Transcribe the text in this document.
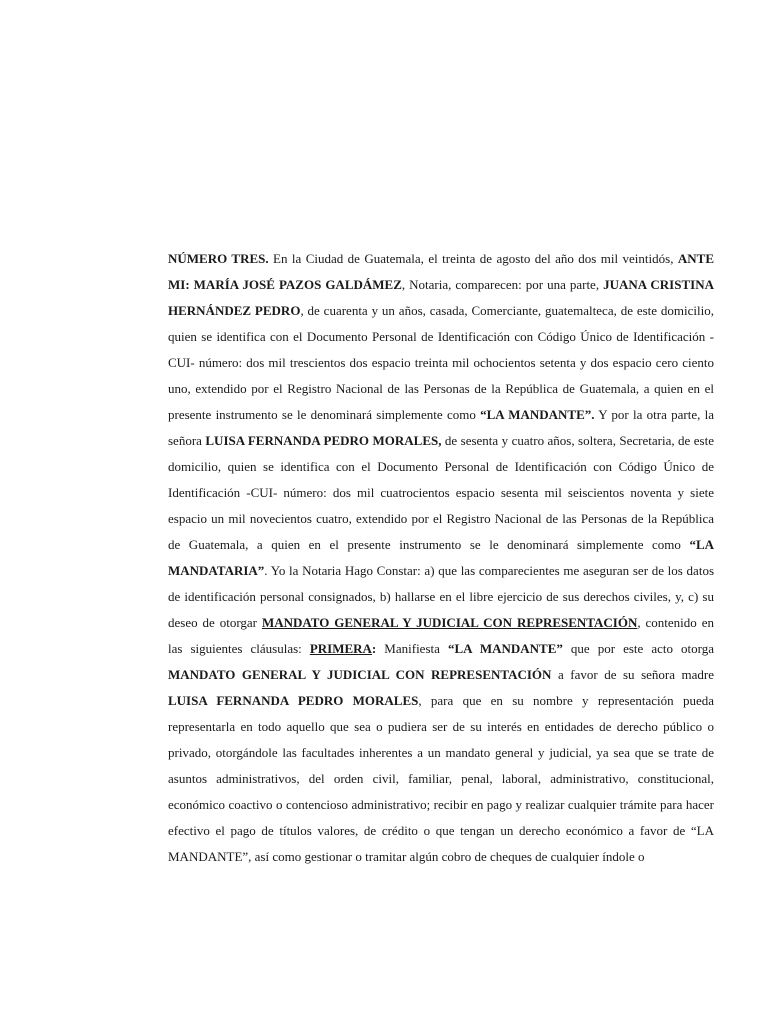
NÚMERO TRES. En la Ciudad de Guatemala, el treinta de agosto del año dos mil veintidós, ANTE MI: MARÍA JOSÉ PAZOS GALDÁMEZ, Notaria, comparecen: por una parte, JUANA CRISTINA HERNÁNDEZ PEDRO, de cuarenta y un años, casada, Comerciante, guatemalteca, de este domicilio, quien se identifica con el Documento Personal de Identificación con Código Único de Identificación -CUI- número: dos mil trescientos dos espacio treinta mil ochocientos setenta y dos espacio cero ciento uno, extendido por el Registro Nacional de las Personas de la República de Guatemala, a quien en el presente instrumento se le denominará simplemente como “LA MANDANTE”. Y por la otra parte, la señora LUISA FERNANDA PEDRO MORALES, de sesenta y cuatro años, soltera, Secretaria, de este domicilio, quien se identifica con el Documento Personal de Identificación con Código Único de Identificación -CUI- número: dos mil cuatrocientos espacio sesenta mil seiscientos noventa y siete espacio un mil novecientos cuatro, extendido por el Registro Nacional de las Personas de la República de Guatemala, a quien en el presente instrumento se le denominará simplemente como “LA MANDATARIA”. Yo la Notaria Hago Constar: a) que las comparecientes me aseguran ser de los datos de identificación personal consignados, b) hallarse en el libre ejercicio de sus derechos civiles, y, c) su deseo de otorgar MANDATO GENERAL Y JUDICIAL CON REPRESENTACIÓN, contenido en las siguientes cláusulas: PRIMERA: Manifiesta “LA MANDANTE” que por este acto otorga MANDATO GENERAL Y JUDICIAL CON REPRESENTACIÓN a favor de su señora madre LUISA FERNANDA PEDRO MORALES, para que en su nombre y representación pueda representarla en todo aquello que sea o pudiera ser de su interés en entidades de derecho público o privado, otorgándole las facultades inherentes a un mandato general y judicial, ya sea que se trate de asuntos administrativos, del orden civil, familiar, penal, laboral, administrativo, constitucional, económico coactivo o contencioso administrativo; recibir en pago y realizar cualquier trámite para hacer efectivo el pago de títulos valores, de crédito o que tengan un derecho económico a favor de “LA MANDANTE”, así como gestionar o tramitar algún cobro de cheques de cualquier índole o
